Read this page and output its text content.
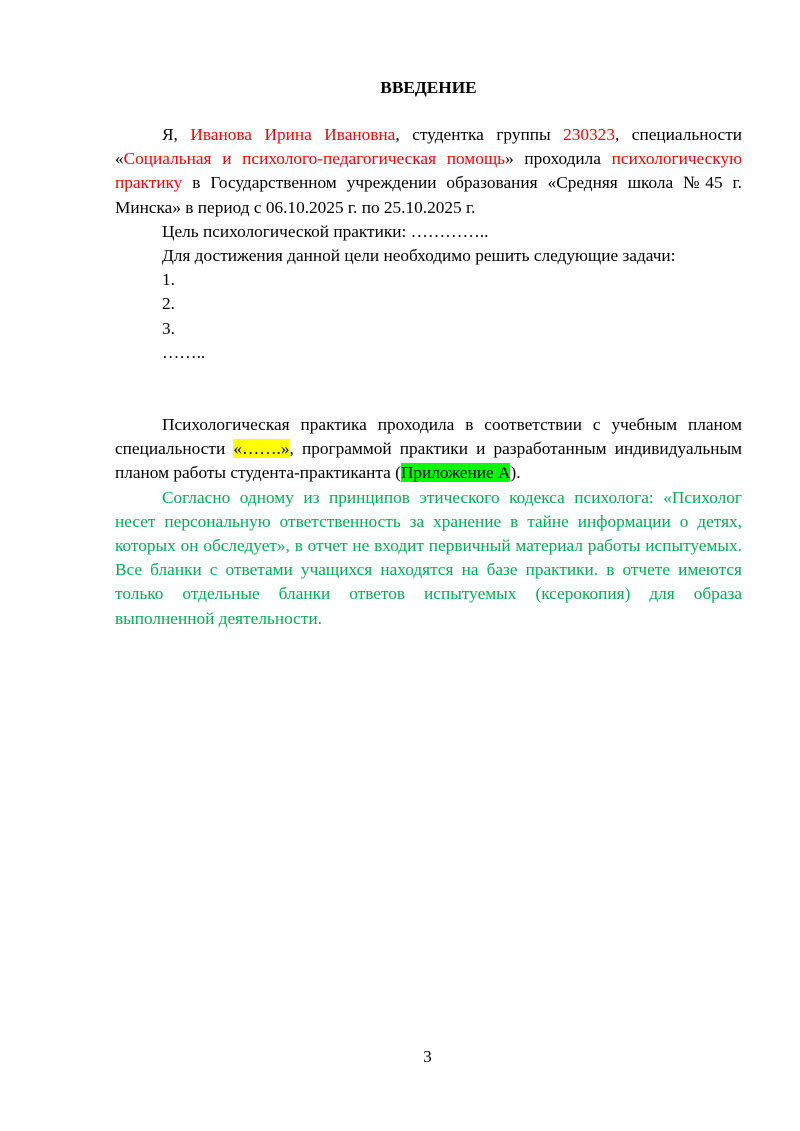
ВВЕДЕНИЕ

Я, Иванова Ирина Ивановна, студентка группы 230323, специальности «Социальная и психолого-педагогическая помощь» проходила психологическую практику в Государственном учреждении образования «Средняя школа №45 г. Минска» в период с 06.10.2025 г. по 25.10.2025 г.

Цель психологической практики: …………..

Для достижения данной цели необходимо решить следующие задачи:

1.

2.

3.

……..

Психологическая практика проходила в соответствии с учебным планом специальности «…….», программой практики и разработанным индивидуальным планом работы студента-практиканта (Приложение А).

Согласно одному из принципов этического кодекса психолога: «Психолог несет персональную ответственность за хранение в тайне информации о детях, которых он обследует», в отчет не входит первичный материал работы испытуемых. Все бланки с ответами учащихся находятся на базе практики. в отчете имеются только отдельные бланки ответов испытуемых (ксерокопия) для образа выполненной деятельности.

3
